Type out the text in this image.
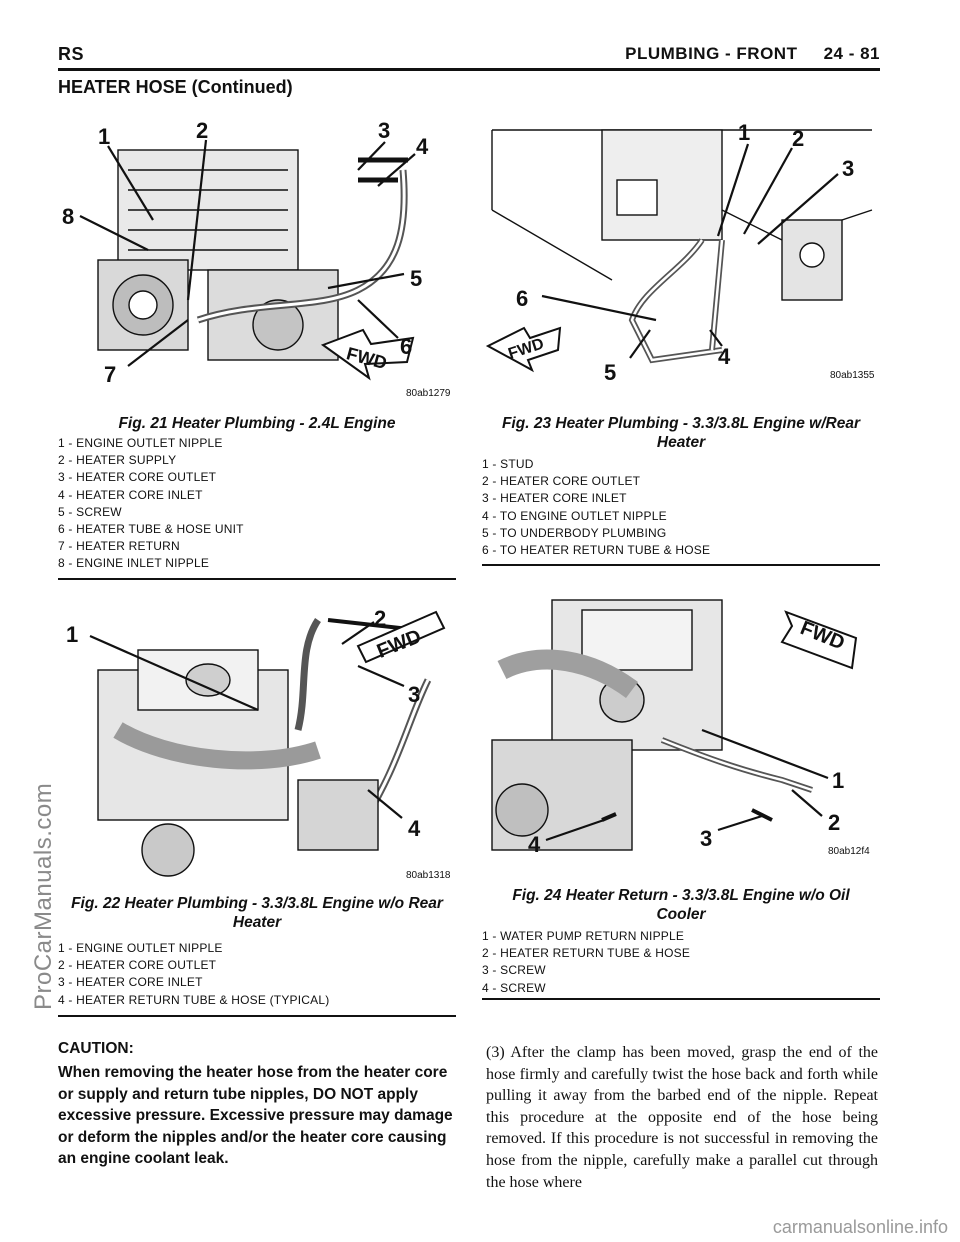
RS	PLUMBING - FRONT     24 - 81
HEATER HOSE (Continued)
FWD
1	2	3
4
5
6
7
8
80ab1279
Fig. 21 Heater Plumbing - 2.4L Engine
1 - ENGINE OUTLET NIPPLE
2 - HEATER SUPPLY
3 - HEATER CORE OUTLET
4 - HEATER CORE INLET
5 - SCREW
6 - HEATER TUBE & HOSE UNIT
7 - HEATER RETURN
8 - ENGINE INLET NIPPLE
FWD
1 2
3
4
5
6
80ab1355
Fig. 23 Heater Plumbing - 3.3/3.8L Engine w/Rear
Heater
1 - STUD
2 - HEATER CORE OUTLET
3 - HEATER CORE INLET
4 - TO ENGINE OUTLET NIPPLE
5 - TO UNDERBODY PLUMBING
6 - TO HEATER RETURN TUBE & HOSE
FWD
1
2
3
4
80ab1318
Fig. 22 Heater Plumbing - 3.3/3.8L Engine w/o Rear
Heater
1 - ENGINE OUTLET NIPPLE
2 - HEATER CORE OUTLET
3 - HEATER CORE INLET
4 - HEATER RETURN TUBE & HOSE (TYPICAL)
FWD
1
2
3
4	80ab12f4
Fig. 24 Heater Return - 3.3/3.8L Engine w/o Oil
Cooler
1 - WATER PUMP RETURN NIPPLE
2 - HEATER RETURN TUBE & HOSE
3 - SCREW
4 - SCREW
CAUTION:
When removing the heater hose from the heater core or supply and return tube nipples, DO NOT apply excessive pressure. Excessive pressure may damage or deform the nipples and/or the heater core causing an engine coolant leak.
(3) After the clamp has been moved, grasp the end of the hose firmly and carefully twist the hose back and forth while pulling it away from the barbed end of the nipple. Repeat this procedure at the opposite end of the hose being removed. If this procedure is not successful in removing the hose from the nipple, carefully make a parallel cut through the hose where
ProCarManuals.com
carmanualsonline.info
